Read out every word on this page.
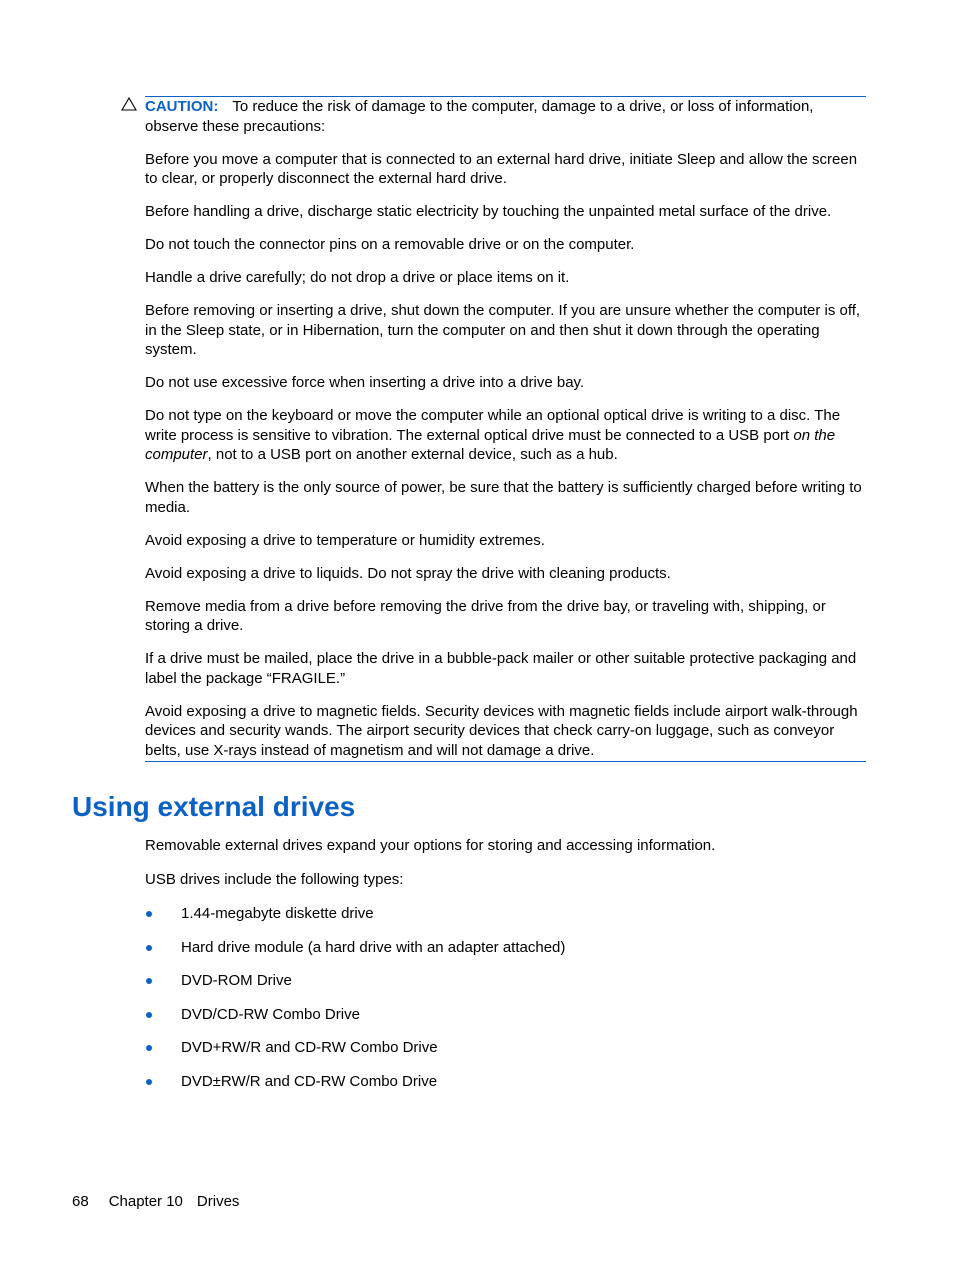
CAUTION: To reduce the risk of damage to the computer, damage to a drive, or loss of information, observe these precautions:

Before you move a computer that is connected to an external hard drive, initiate Sleep and allow the screen to clear, or properly disconnect the external hard drive.

Before handling a drive, discharge static electricity by touching the unpainted metal surface of the drive.

Do not touch the connector pins on a removable drive or on the computer.

Handle a drive carefully; do not drop a drive or place items on it.

Before removing or inserting a drive, shut down the computer. If you are unsure whether the computer is off, in the Sleep state, or in Hibernation, turn the computer on and then shut it down through the operating system.

Do not use excessive force when inserting a drive into a drive bay.

Do not type on the keyboard or move the computer while an optional optical drive is writing to a disc. The write process is sensitive to vibration. The external optical drive must be connected to a USB port on the computer, not to a USB port on another external device, such as a hub.

When the battery is the only source of power, be sure that the battery is sufficiently charged before writing to media.

Avoid exposing a drive to temperature or humidity extremes.

Avoid exposing a drive to liquids. Do not spray the drive with cleaning products.

Remove media from a drive before removing the drive from the drive bay, or traveling with, shipping, or storing a drive.

If a drive must be mailed, place the drive in a bubble-pack mailer or other suitable protective packaging and label the package “FRAGILE.”

Avoid exposing a drive to magnetic fields. Security devices with magnetic fields include airport walk-through devices and security wands. The airport security devices that check carry-on luggage, such as conveyor belts, use X-rays instead of magnetism and will not damage a drive.

Using external drives

Removable external drives expand your options for storing and accessing information.

USB drives include the following types:

1.44-megabyte diskette drive
Hard drive module (a hard drive with an adapter attached)
DVD-ROM Drive
DVD/CD-RW Combo Drive
DVD+RW/R and CD-RW Combo Drive
DVD±RW/R and CD-RW Combo Drive
68 Chapter 10 Drives
